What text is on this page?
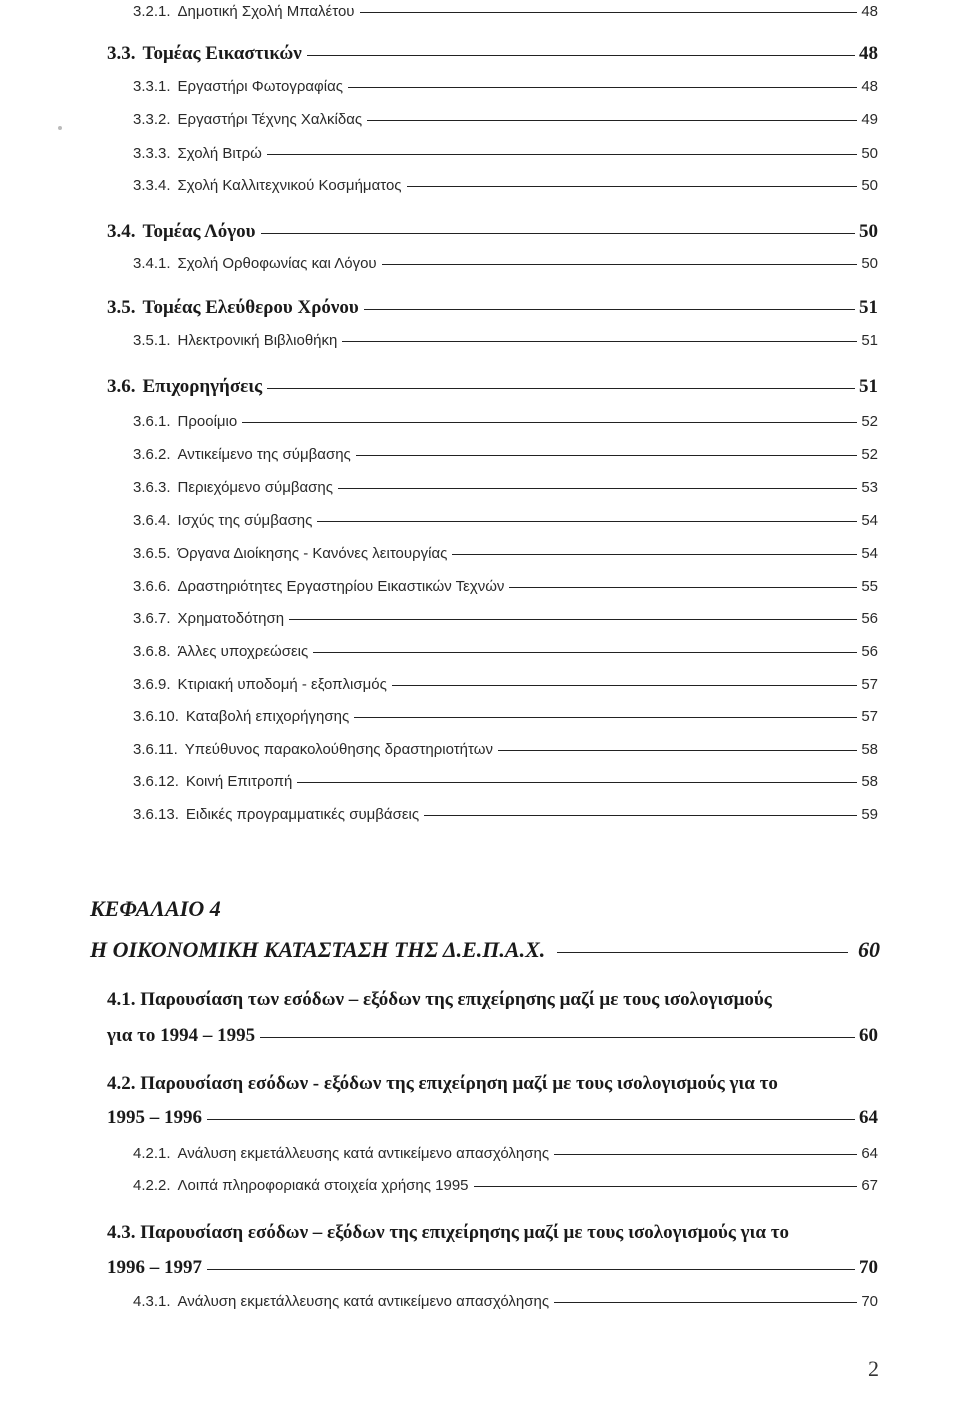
3.2.1. Δημοτική Σχολή Μπαλέτου	48
3.3. Τομέας Εικαστικών	48
3.3.1. Εργαστήρι Φωτογραφίας	48
3.3.2. Εργαστήρι Τέχνης Χαλκίδας	49
3.3.3. Σχολή Βιτρώ	50
3.3.4. Σχολή Καλλιτεχνικού Κοσμήματος	50
3.4. Τομέας Λόγου	50
3.4.1. Σχολή Ορθοφωνίας και Λόγου	50
3.5. Τομέας Ελεύθερου Χρόνου	51
3.5.1. Ηλεκτρονική Βιβλιοθήκη	51
3.6. Επιχορηγήσεις	51
3.6.1. Προοίμιο	52
3.6.2. Αντικείμενο της σύμβασης	52
3.6.3. Περιεχόμενο σύμβασης	53
3.6.4. Ισχύς της σύμβασης	54
3.6.5. Όργανα Διοίκησης - Κανόνες λειτουργίας	54
3.6.6. Δραστηριότητες Εργαστηρίου Εικαστικών Τεχνών	55
3.6.7. Χρηματοδότηση	56
3.6.8. Άλλες υποχρεώσεις	56
3.6.9. Κτιριακή υποδομή - εξοπλισμός	57
3.6.10. Καταβολή επιχορήγησης	57
3.6.11. Υπεύθυνος παρακολούθησης δραστηριοτήτων	58
3.6.12. Κοινή Επιτροπή	58
3.6.13. Ειδικές προγραμματικές συμβάσεις	59
ΚΕΦΑΛΑΙΟ 4
Η ΟΙΚΟΝΟΜΙΚΗ ΚΑΤΑΣΤΑΣΗ ΤΗΣ Δ.Ε.Π.Α.Χ.	60
4.1. Παρουσίαση των εσόδων – εξόδων της επιχείρησης μαζί με τους ισολογισμούς
για το 1994 – 1995	60
4.2. Παρουσίαση εσόδων - εξόδων της επιχείρηση μαζί με τους ισολογισμούς για το
1995 – 1996	64
4.2.1. Ανάλυση εκμετάλλευσης κατά αντικείμενο απασχόλησης	64
4.2.2. Λοιπά πληροφοριακά στοιχεία χρήσης 1995	67
4.3. Παρουσίαση εσόδων – εξόδων της επιχείρησης μαζί με τους ισολογισμούς για το
1996 – 1997	70
4.3.1. Ανάλυση εκμετάλλευσης κατά αντικείμενο απασχόλησης	70
2
